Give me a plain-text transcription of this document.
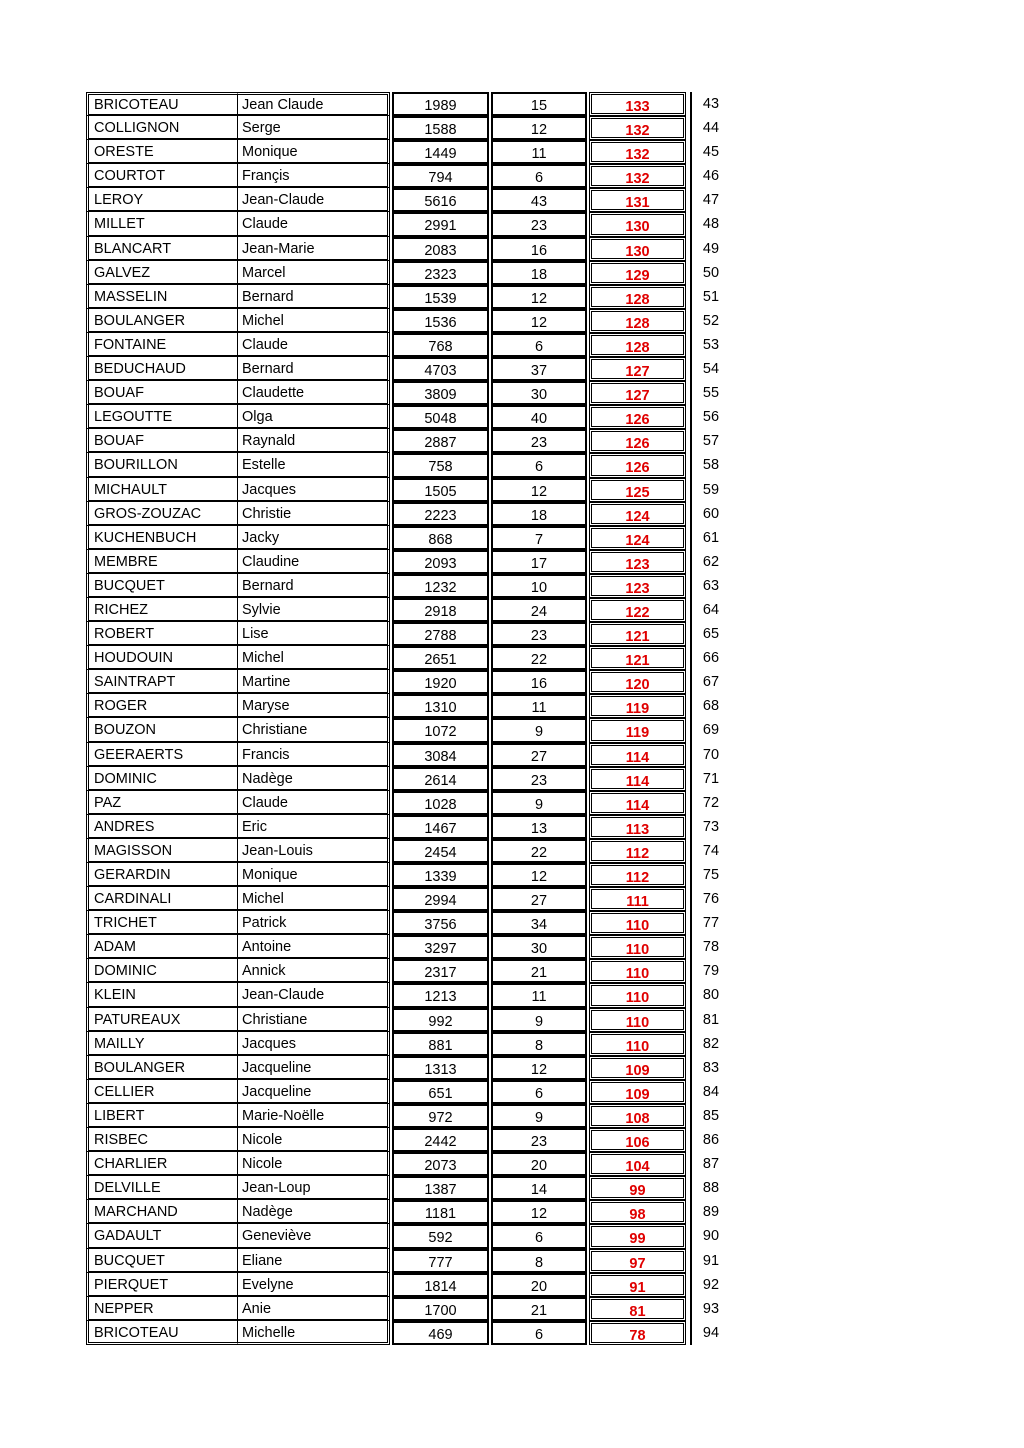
BRICOTEAU	Jean Claude	1989	15	133	43
COLLIGNON	Serge	1588	12	132	44
ORESTE	Monique	1449	11	132	45
COURTOT	Françis	794	6	132	46
LEROY	Jean-Claude	5616	43	131	47
MILLET	Claude	2991	23	130	48
BLANCART	Jean-Marie	2083	16	130	49
GALVEZ	Marcel	2323	18	129	50
MASSELIN	Bernard	1539	12	128	51
BOULANGER	Michel	1536	12	128	52
FONTAINE	Claude	768	6	128	53
BEDUCHAUD	Bernard	4703	37	127	54
BOUAF	Claudette	3809	30	127	55
LEGOUTTE	Olga	5048	40	126	56
BOUAF	Raynald	2887	23	126	57
BOURILLON	Estelle	758	6	126	58
MICHAULT	Jacques	1505	12	125	59
GROS-ZOUZAC	Christie	2223	18	124	60
KUCHENBUCH	Jacky	868	7	124	61
MEMBRE	Claudine	2093	17	123	62
BUCQUET	Bernard	1232	10	123	63
RICHEZ	Sylvie	2918	24	122	64
ROBERT	Lise	2788	23	121	65
HOUDOUIN	Michel	2651	22	121	66
SAINTRAPT	Martine	1920	16	120	67
ROGER	Maryse	1310	11	119	68
BOUZON	Christiane	1072	9	119	69
GEERAERTS	Francis	3084	27	114	70
DOMINIC	Nadège	2614	23	114	71
PAZ	Claude	1028	9	114	72
ANDRES	Eric	1467	13	113	73
MAGISSON	Jean-Louis	2454	22	112	74
GERARDIN	Monique	1339	12	112	75
CARDINALI	Michel	2994	27	111	76
TRICHET	Patrick	3756	34	110	77
ADAM	Antoine	3297	30	110	78
DOMINIC	Annick	2317	21	110	79
KLEIN	Jean-Claude	1213	11	110	80
PATUREAUX	Christiane	992	9	110	81
MAILLY	Jacques	881	8	110	82
BOULANGER	Jacqueline	1313	12	109	83
CELLIER	Jacqueline	651	6	109	84
LIBERT	Marie-Noëlle	972	9	108	85
RISBEC	Nicole	2442	23	106	86
CHARLIER	Nicole	2073	20	104	87
DELVILLE	Jean-Loup	1387	14	99	88
MARCHAND	Nadège	1181	12	98	89
GADAULT	Geneviève	592	6	99	90
BUCQUET	Eliane	777	8	97	91
PIERQUET	Evelyne	1814	20	91	92
NEPPER	Anie	1700	21	81	93
BRICOTEAU	Michelle	469	6	78	94
